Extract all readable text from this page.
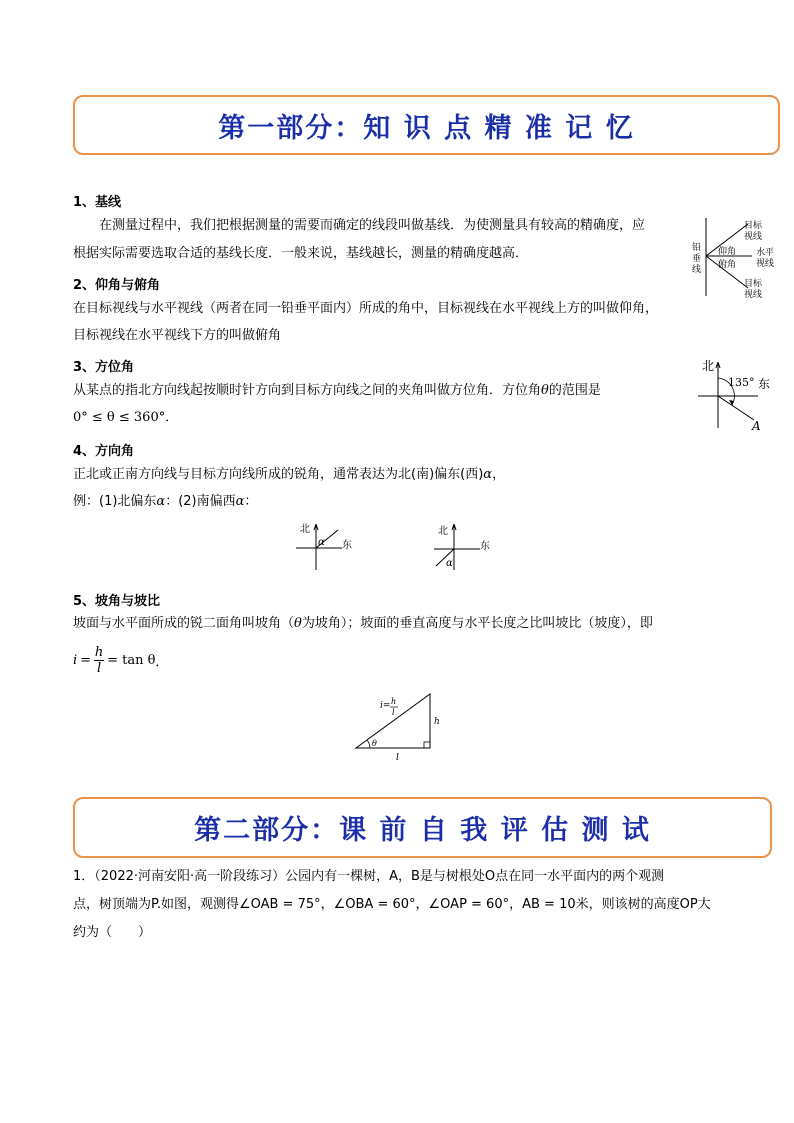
第一部分：知 识 点 精 准 记 忆
1、基线
在测量过程中，我们把根据测量的需要而确定的线段叫做基线．为使测量具有较高的精确度，应
根据实际需要选取合适的基线长度．一般来说，基线越长，测量的精确度越高．	铅
垂
线
目标
视线
仰角
俯角
水平
视线
目标
视线
2、仰角与俯角
在目标视线与水平视线（两者在同一铅垂平面内）所成的角中，目标视线在水平视线上方的叫做仰角，
目标视线在水平视线下方的叫做俯角
3、方位角
从某点的指北方向线起按顺时针方向到目标方向线之间的夹角叫做方位角．方位角θ的范围是
0° ≤ θ ≤ 360°．
北
135° 东
A
4、方向角
正北或正南方向线与目标方向线所成的锐角，通常表达为北(南)偏东(西)α，
例：(1)北偏东α：(2)南偏西α：
北
α 东
北
α
东
5、坡角与坡比
坡面与水平面所成的锐二面角叫坡角（θ为坡角）；坡面的垂直高度与水平长度之比叫坡比（坡度），即
i =
h
l
= tan θ ．
i= h
l
h
θ
l
第二部分：课 前 自 我 评 估 测 试
1．（2022·河南安阳·高一阶段练习）公园内有一棵树，A，B是与树根处O点在同一水平面内的两个观测
点，树顶端为P.如图，观测得∠OAB = 75°，∠OBA = 60°，∠OAP = 60°，AB = 10米，则该树的高度OP大
约为（　　）
